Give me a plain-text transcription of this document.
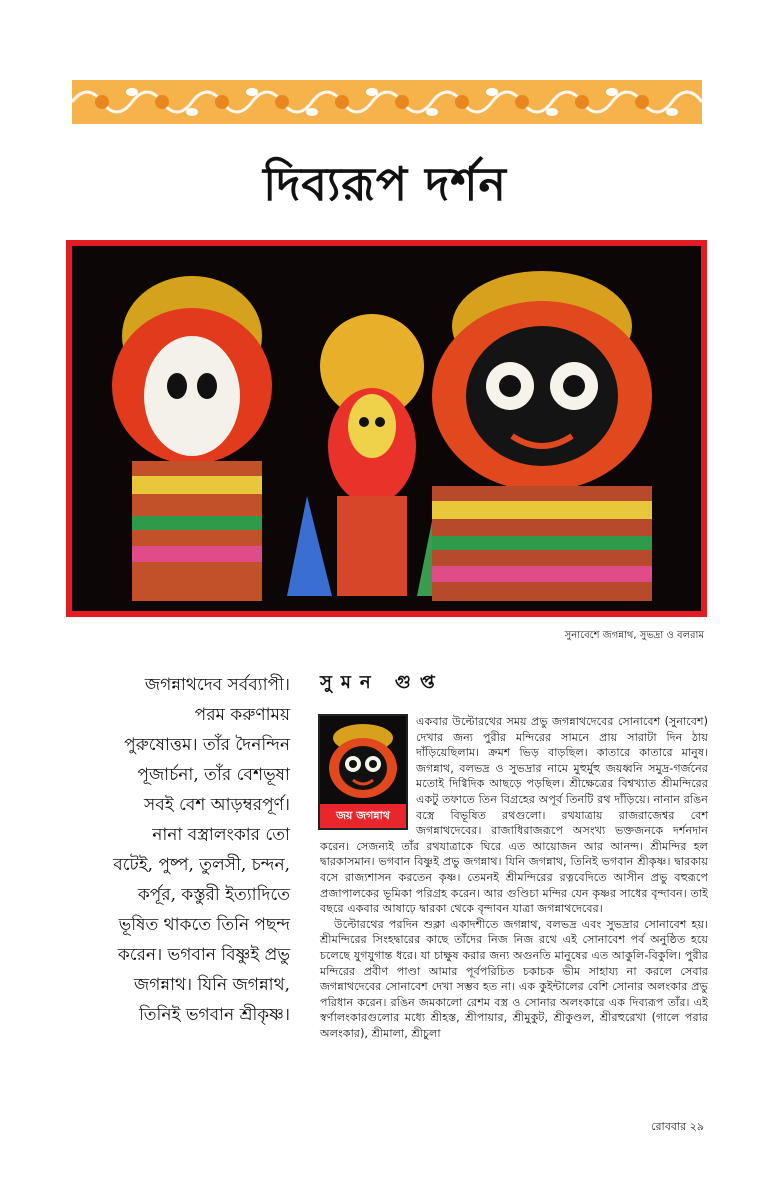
দিব্যরূপ দর্শন
সুনাবেশে জগন্নাথ, সুভদ্রা ও বলরাম
জগন্নাথদেব সর্বব্যাপী।
পরম করুণাময়
পুরুষোত্তম। তাঁর দৈনন্দিন
পূজার্চনা, তাঁর বেশভূষা
সবই বেশ আড়ম্বরপূর্ণ।
নানা বস্ত্রালংকার তো
বটেই, পুষ্প, তুলসী, চন্দন,
কর্পূর, কস্তুরী ইত্যাদিতে
ভূষিত থাকতে তিনি পছন্দ
করেন। ভগবান বিষ্ণুই প্রভু
জগন্নাথ। যিনি জগন্নাথ,
তিনিই ভগবান শ্রীকৃষ্ণ।
সুমন গুপ্ত

একবার উল্টোরথের সময় প্রভু জগন্নাথদেবের সোনাবেশ (সুনাবেশ) দেখার জন্য পুরীর মন্দিরের সামনে প্রায় সারাটা দিন ঠায় দাঁড়িয়েছিলাম। ক্রমশ ভিড় বাড়ছিল। কাতারে কাতারে মানুষ। জগন্নাথ, বলভদ্র ও সুভদ্রার নামে মুহুর্মুহু জয়ধ্বনি সমুদ্র-গর্জনের মতোই দিগ্বিদিক আছড়ে পড়ছিল। শ্রীক্ষেত্রের বিশ্বখ্যাত শ্রীমন্দিরের একটু তফাতে তিন বিগ্রহের অপূর্ব তিনটি রথ দাঁড়িয়ে। নানান রঙিন বস্ত্রে বিভূষিত রথগুলো। রথযাত্রায় রাজরাজেশ্বর বেশ জগন্নাথদেবের। রাজাধিরাজরূপে অসংখ্য ভক্তজনকে দর্শনদান করেন। সেজন্যই তাঁর রথযাত্রাকে ঘিরে এত আয়োজন আর আনন্দ। শ্রীমন্দির হল দ্বারকাসমান। ভগবান বিষ্ণুই প্রভু জগন্নাথ। যিনি জগন্নাথ, তিনিই ভগবান শ্রীকৃষ্ণ। দ্বারকায় বসে রাজ্যশাসন করতেন কৃষ্ণ। তেমনই শ্রীমন্দিরের রত্নবেদিতে আসীন প্রভু বহুরূপে প্রজাপালকের ভূমিকা পরিগ্রহ করেন। আর গুণ্ডিচা মন্দির যেন কৃষ্ণর সাধের বৃন্দাবন। তাই বছরে একবার আষাঢ়ে দ্বারকা থেকে বৃন্দাবন যাত্রা জগন্নাথদেবের।

উল্টোরথের পরদিন শুক্লা একাদশীতে জগন্নাথ, বলভদ্র এবং সুভদ্রার সোনাবেশ হয়। শ্রীমন্দিরের সিংহদ্বারের কাছে তাঁদের নিজ নিজ রথে এই সোনাবেশ পর্ব অনুষ্ঠিত হয়ে চলেছে যুগযুগান্ত ধরে। যা চাক্ষুষ করার জন্য অগুনতি মানুষের এত আকুলি-বিকুলি। পুরীর মন্দিরের প্রবীণ পাণ্ডা আমার পূর্বপরিচিত চকাচক ভীম সাহায্য না করলে সেবার জগন্নাথদেবের সোনাবেশ দেখা সম্ভব হত না। এক কুইন্টালের বেশি সোনার অলংকার প্রভু পরিধান করেন। রঙিন জমকালো রেশম বস্ত্র ও সোনার অলংকারে এক দিব্যরূপ তাঁর। এই স্বর্ণালংকারগুলোর মধ্যে শ্রীহস্ত, শ্রীপায়ার, শ্রীমুকুট, শ্রীকুণ্ডল, শ্রীরহুরেখা (গালে পরার অলংকার), শ্রীমালা, শ্রীচুলা

জয় জগন্নাথ
রোববার ২৯
